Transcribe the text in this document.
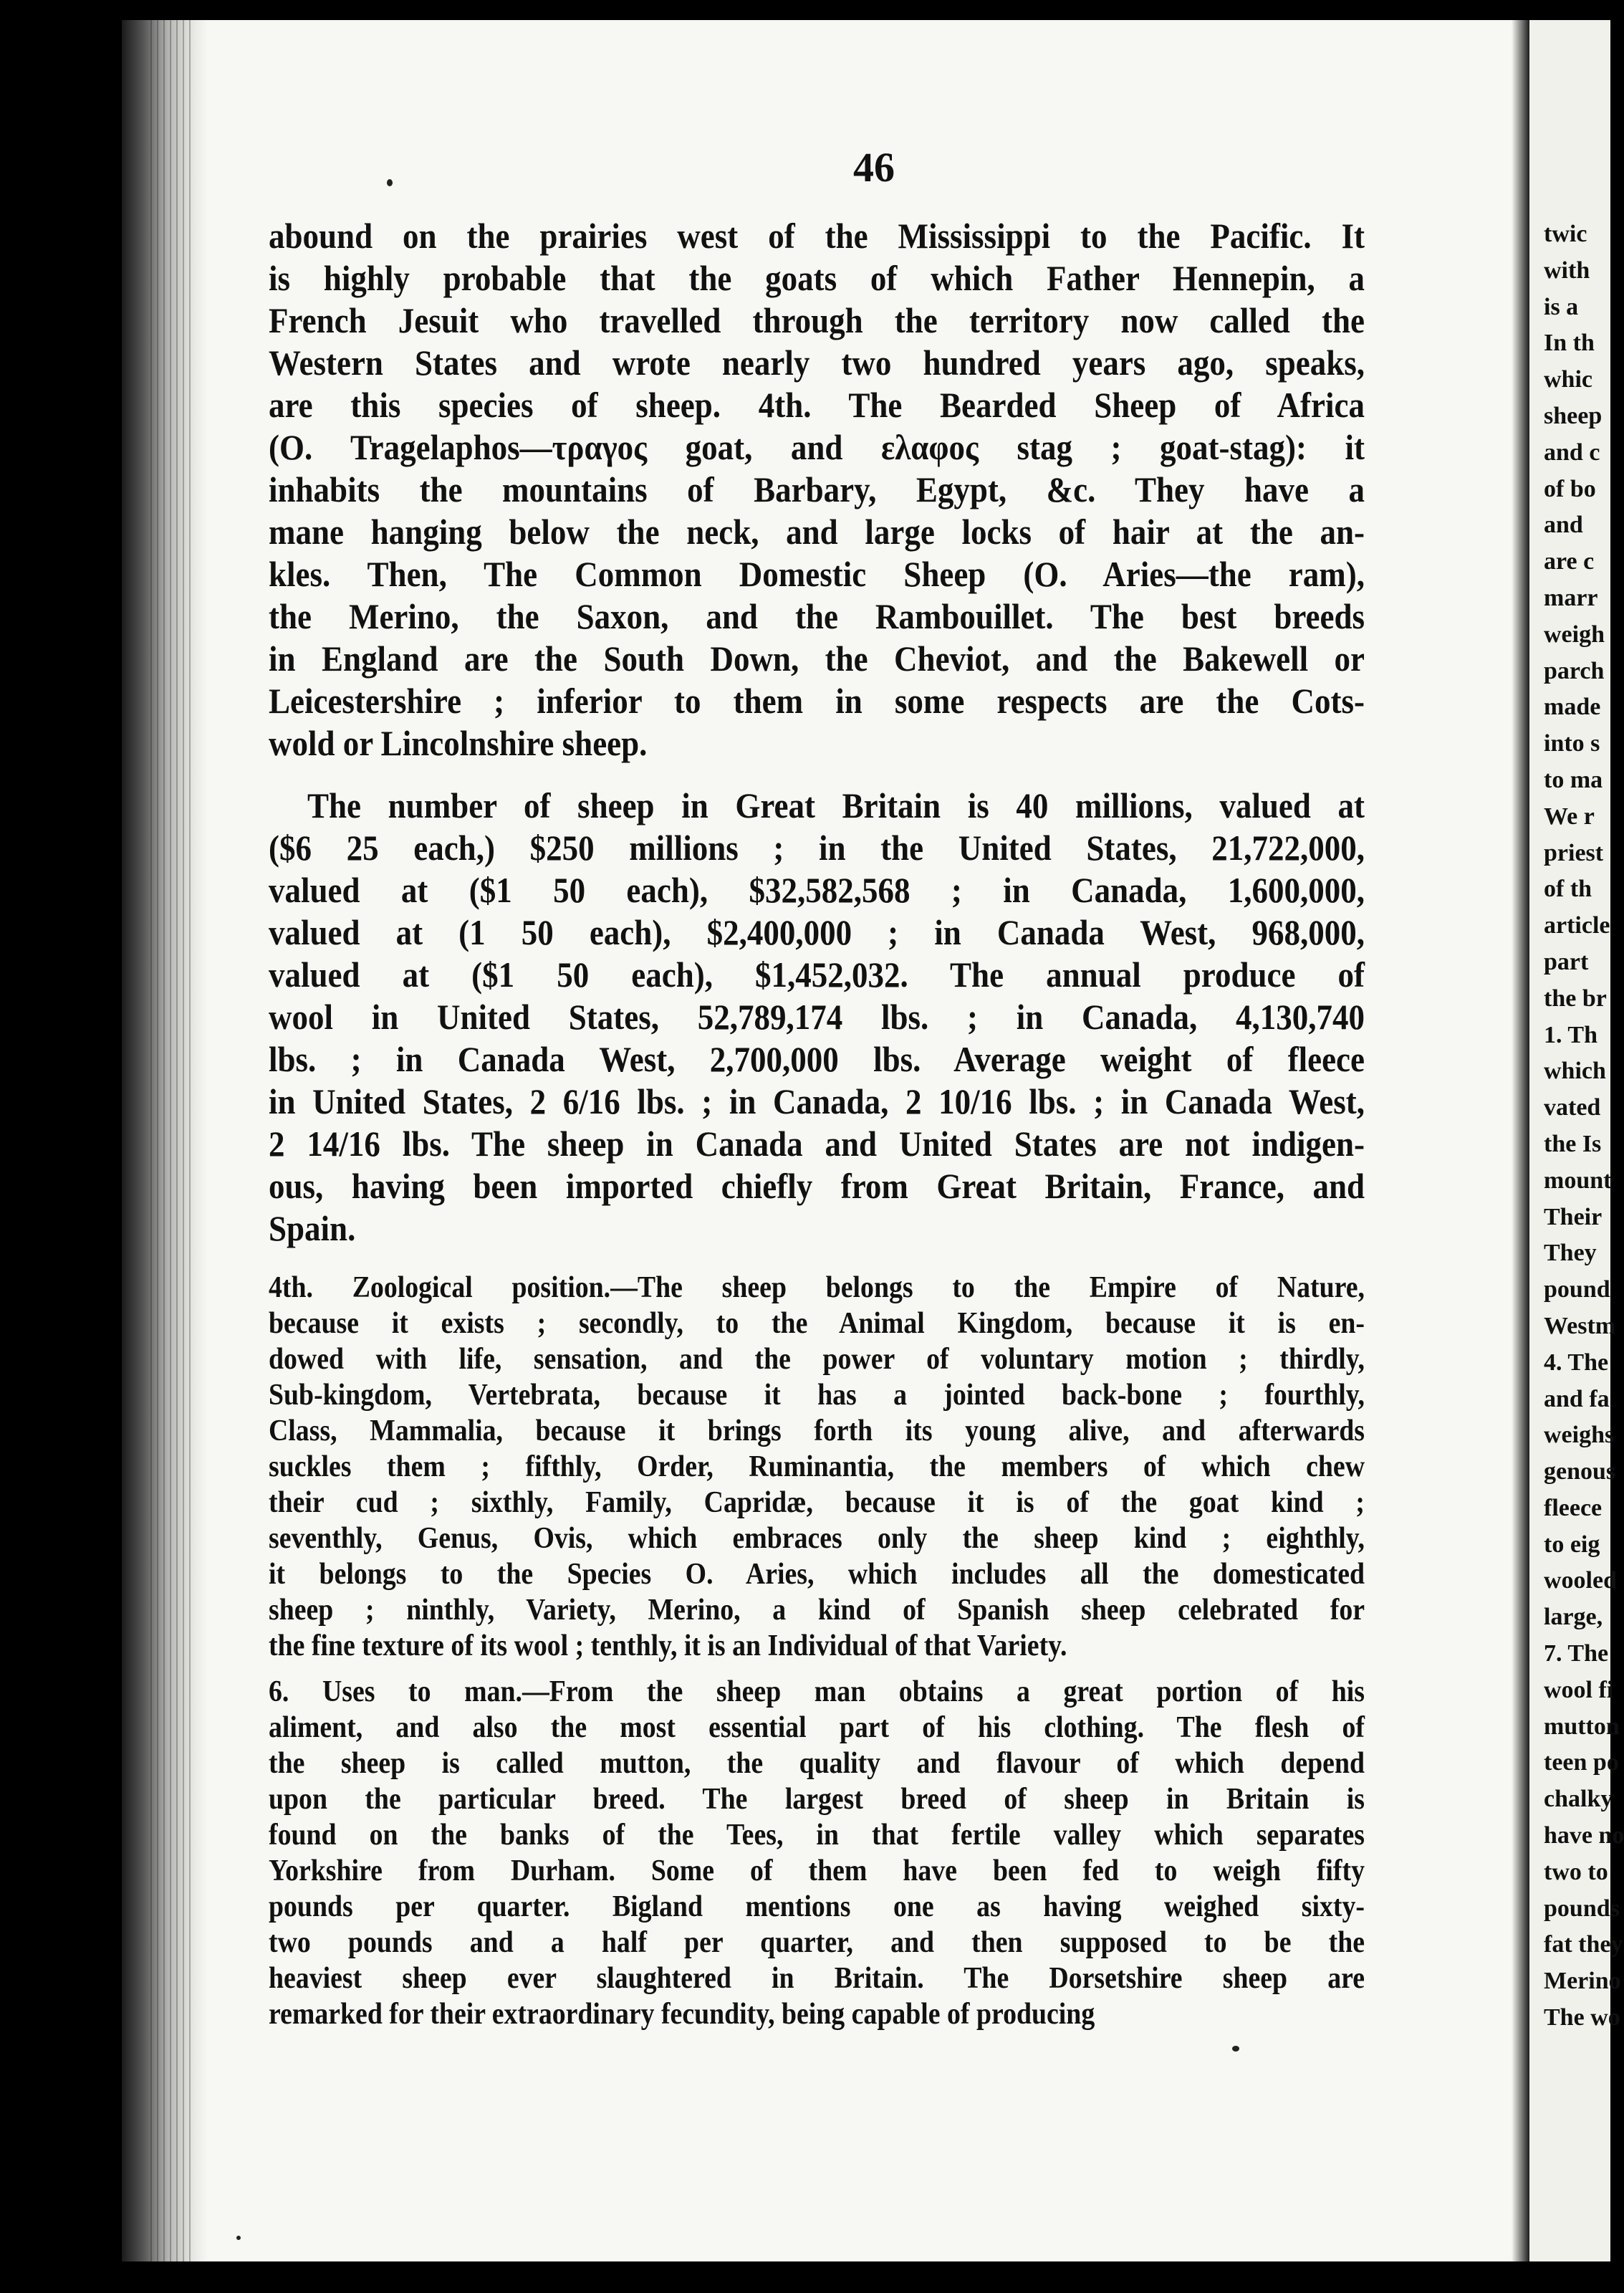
46
abound on the prairies west of the Mississippi to the Pacific. It
is highly probable that the goats of which Father Hennepin, a
French Jesuit who travelled through the territory now called the
Western States and wrote nearly two hundred years ago, speaks,
are this species of sheep. 4th. The Bearded Sheep of Africa
(O. Tragelaphos—τραγος goat, and ελαφος stag ; goat-stag): it
inhabits the mountains of Barbary, Egypt, &c. They have a
mane hanging below the neck, and large locks of hair at the an-
kles. Then, The Common Domestic Sheep (O. Aries—the ram),
the Merino, the Saxon, and the Rambouillet. The best breeds
in England are the South Down, the Cheviot, and the Bakewell or
Leicestershire ; inferior to them in some respects are the Cots-
wold or Lincolnshire sheep.
The number of sheep in Great Britain is 40 millions, valued at
($6 25 each,) $250 millions ; in the United States, 21,722,000,
valued at ($1 50 each), $32,582,568 ; in Canada, 1,600,000,
valued at (1 50 each), $2,400,000 ; in Canada West, 968,000,
valued at ($1 50 each), $1,452,032. The annual produce of
wool in United States, 52,789,174 lbs. ; in Canada, 4,130,740
lbs. ; in Canada West, 2,700,000 lbs. Average weight of fleece
in United States, 2 6/16 lbs. ; in Canada, 2 10/16 lbs. ; in Canada West,
2 14/16 lbs. The sheep in Canada and United States are not indigen-
ous, having been imported chiefly from Great Britain, France, and
Spain.
4th. Zoological position.—The sheep belongs to the Empire of Nature,
because it exists ; secondly, to the Animal Kingdom, because it is en-
dowed with life, sensation, and the power of voluntary motion ; thirdly,
Sub-kingdom, Vertebrata, because it has a jointed back-bone ; fourthly,
Class, Mammalia, because it brings forth its young alive, and afterwards
suckles them ; fifthly, Order, Ruminantia, the members of which chew
their cud ; sixthly, Family, Capridæ, because it is of the goat kind ;
seventhly, Genus, Ovis, which embraces only the sheep kind ; eighthly,
it belongs to the Species O. Aries, which includes all the domesticated
sheep ; ninthly, Variety, Merino, a kind of Spanish sheep celebrated for
the fine texture of its wool ; tenthly, it is an Individual of that Variety.
6. Uses to man.—From the sheep man obtains a great portion of his
aliment, and also the most essential part of his clothing. The flesh of
the sheep is called mutton, the quality and flavour of which depend
upon the particular breed. The largest breed of sheep in Britain is
found on the banks of the Tees, in that fertile valley which separates
Yorkshire from Durham. Some of them have been fed to weigh fifty
pounds per quarter. Bigland mentions one as having weighed sixty-
two pounds and a half per quarter, and then supposed to be the
heaviest sheep ever slaughtered in Britain. The Dorsetshire sheep are
remarked for their extraordinary fecundity, being capable of producing
twic
with
is a
In th
whic
sheep
and c
of bo
and
are c
marr
weigh
parch
made
into s
to ma
We r
priest
of th
article
part
the br
1. Th
which
vated
the Is
mount
Their
They
pound
Westm
4. The
and fa
weighs
genous
fleece
to eig
wooled
large,
7. The
wool fi
mutton
teen po
chalky
have no
two to
pounds
fat they
Merino
The wo
